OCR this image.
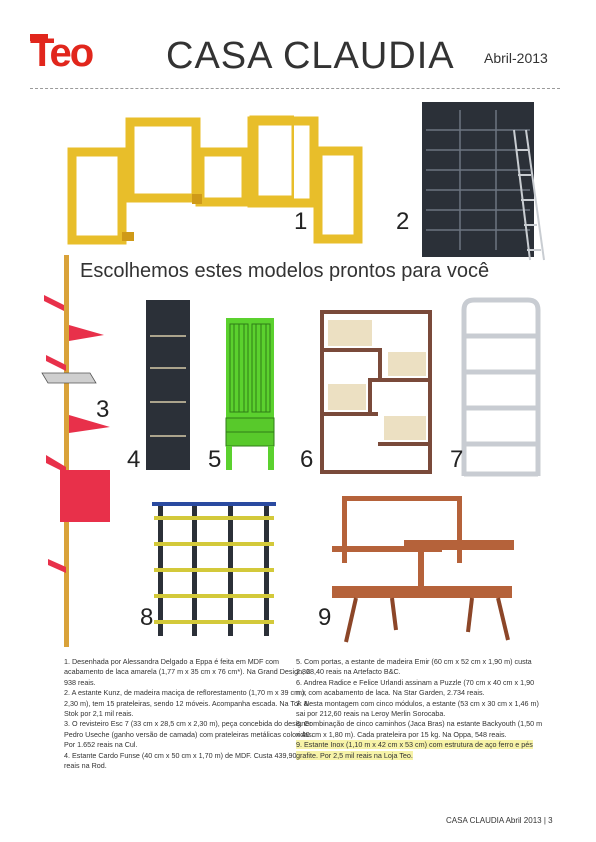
Teo CASA CLAUDIA Abril-2013
1	2
Escolhemos estes modelos prontos para você
3
4	5	6	7
8	9

1. Desenhada por Alessandra Delgado a Eppa é feita em MDF com acabamento de laca amarela (1,77 m x 35 cm x 76 cm*). Na Grand Design, 2 938 reais.

2. A estante Kunz, de madeira maciça de reflorestamento (1,70 m x 39 cm x 2,30 m), tem 15 prateleiras, sendo 12 móveis. Acompanha escada. Na Tok & Stok por 2,1 mil reais.

3. O revisteiro Esc 7 (33 cm x 28,5 cm x 2,30 m), peça concebida do designer Pedro Useche (ganho versão de camada) com prateleiras metálicas coloridas. Por 1.652 reais na Cul.

4. Estante Cardo Funse (40 cm x 50 cm x 1,70 m) de MDF. Custa 439,90 reais na Rod.

5. Com portas, a estante de madeira Emir (60 cm x 52 cm x 1,90 m) custa 2.868,40 reais na Artefacto B&C.

6. Andrea Radice e Felice Urlandi assinam a Puzzle (70 cm x 40 cm x 1,90 m), com acabamento de laca. Na Star Garden, 2.734 reais.

7. Nesta montagem com cinco módulos, a estante (53 cm x 30 cm x 1,46 m) sai por 212,60 reais na Leroy Merlin Sorocaba.

8. Combinação de cinco caminhos (Jaca Bras) na estante Backyouth (1,50 m x 40 cm x 1,80 m). Cada prateleira por 15 kg. Na Oppa, 548 reais.

9. Estante Inox (1,10 m x 42 cm x 53 cm) com estrutura de aço ferro e pés grafite. Por 2,5 mil reais na Loja Teo.

CASA CLAUDIA Abril 2013 | 3
